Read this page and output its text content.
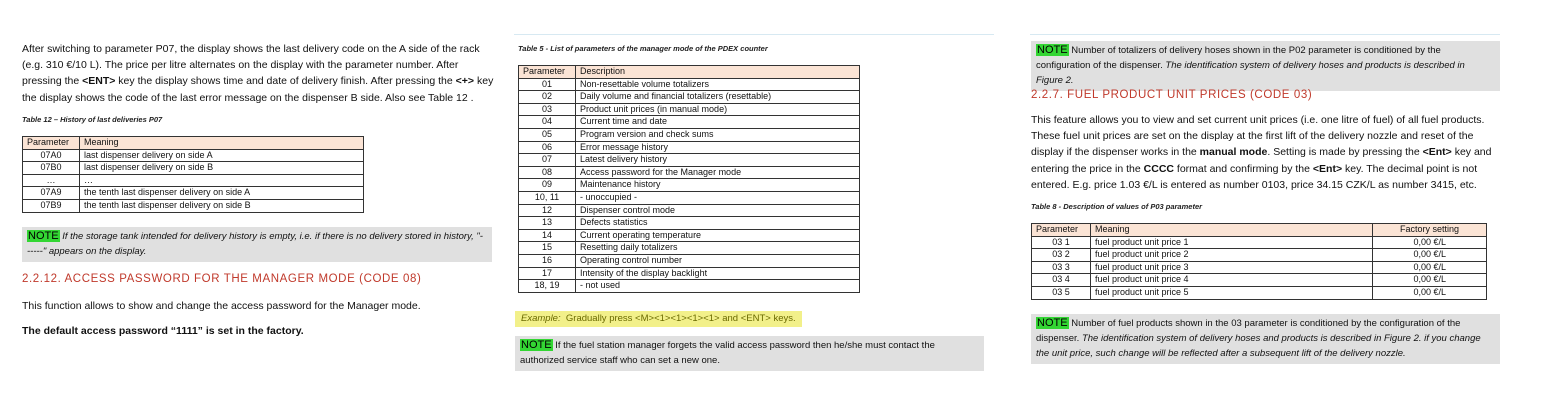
After switching to parameter P07, the display shows the last delivery code on the A side of the rack (e.g. 310 €/10 L). The price per litre alternates on the display with the parameter number. After pressing the <ENT> key the display shows time and date of delivery finish. After pressing the <+> key the display shows the code of the last error message on the dispenser B side. Also see Table 12 .

Table 12 – History of last deliveries P07
Parameter	Meaning
07A0	last dispenser delivery on side A
07B0	last dispenser delivery on side B
…	…
07A9	the tenth last dispenser delivery on side A
07B9	the tenth last dispenser delivery on side B
NOTE If the storage tank intended for delivery history is empty, i.e. if there is no delivery stored in history, "------" appears on the display.
2.2.12. ACCESS PASSWORD FOR THE MANAGER MODE (CODE 08)

This function allows to show and change the access password for the Manager mode.

The default access password “1111” is set in the factory.

Table 5 - List of parameters of the manager mode of the PDEX counter
Parameter	Description
01	Non-resettable volume totalizers
02	Daily volume and financial totalizers (resettable)
03	Product unit prices (in manual mode)
04	Current time and date
05	Program version and check sums
06	Error message history
07	Latest delivery history
08	Access password for the Manager mode
09	Maintenance history
10, 11	- unoccupied -
12	Dispenser control mode
13	Defects statistics
14	Current operating temperature
15	Resetting daily totalizers
16	Operating control number
17	Intensity of the display backlight
18, 19	- not used
Example: Gradually press <M><1><1><1><1> and <ENT> keys.
NOTE If the fuel station manager forgets the valid access password then he/she must contact the authorized service staff who can set a new one.
NOTE Number of totalizers of delivery hoses shown in the P02 parameter is conditioned by the configuration of the dispenser. The identification system of delivery hoses and products is described in Figure 2.
2.2.7. FUEL PRODUCT UNIT PRICES (CODE 03)

This feature allows you to view and set current unit prices (i.e. one litre of fuel) of all fuel products. These fuel unit prices are set on the display at the first lift of the delivery nozzle and reset of the display if the dispenser works in the manual mode. Setting is made by pressing the <Ent> key and entering the price in the CCCC format and confirming by the <Ent> key. The decimal point is not entered. E.g. price 1.03 €/L is entered as number 0103, price 34.15 CZK/L as number 3415, etc.

Table 8 - Description of values of P03 parameter
Parameter	Meaning	Factory setting
03 1	fuel product unit price 1	0,00 €/L
03 2	fuel product unit price 2	0,00 €/L
03 3	fuel product unit price 3	0,00 €/L
03 4	fuel product unit price 4	0,00 €/L
03 5	fuel product unit price 5	0,00 €/L
NOTE Number of fuel products shown in the 03 parameter is conditioned by the configuration of the dispenser. The identification system of delivery hoses and products is described in Figure 2. if you change the unit price, such change will be reflected after a subsequent lift of the delivery nozzle.
